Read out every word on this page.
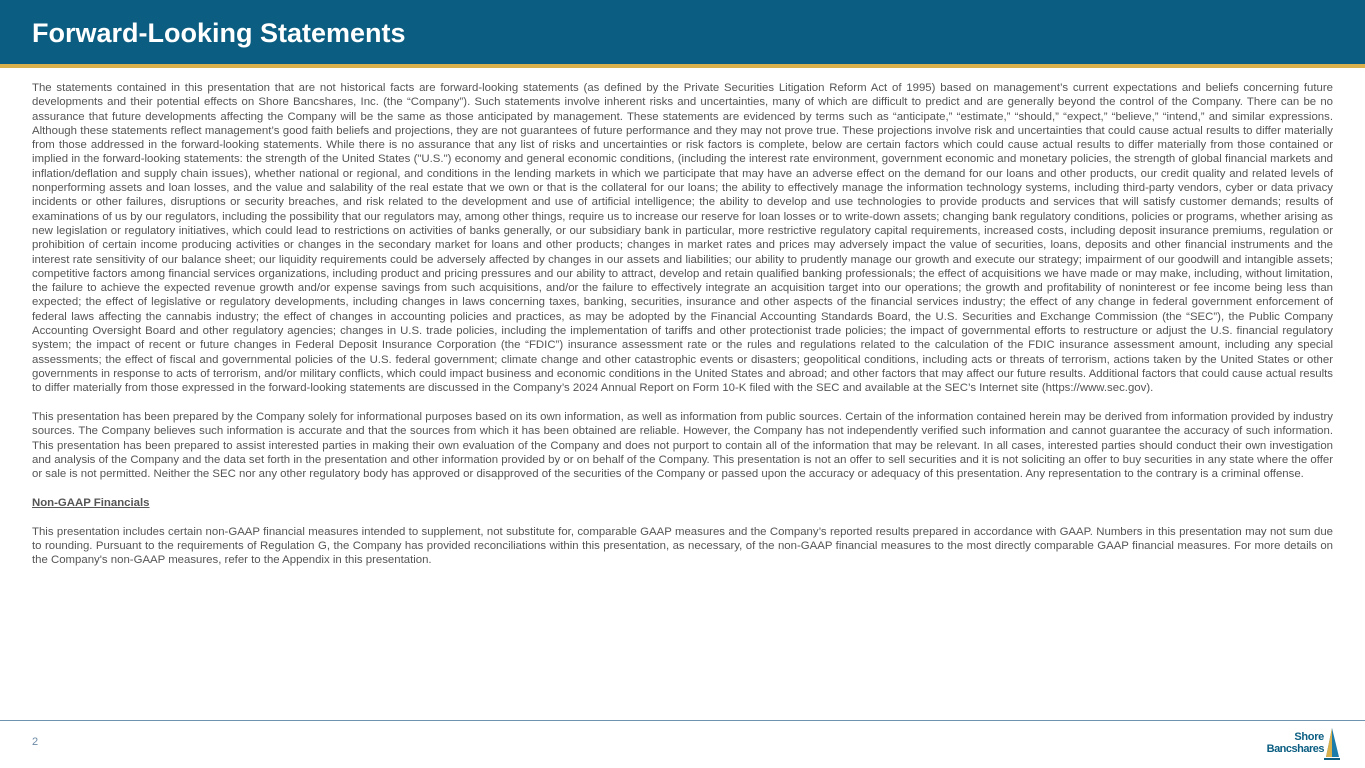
Forward-Looking Statements

The statements contained in this presentation that are not historical facts are forward-looking statements (as defined by the Private Securities Litigation Reform Act of 1995) based on management’s current expectations and beliefs concerning future developments and their potential effects on Shore Bancshares, Inc. (the “Company”). Such statements involve inherent risks and uncertainties, many of which are difficult to predict and are generally beyond the control of the Company. There can be no assurance that future developments affecting the Company will be the same as those anticipated by management. These statements are evidenced by terms such as “anticipate,” “estimate,” “should,” “expect,” “believe,” “intend,” and similar expressions. Although these statements reflect management’s good faith beliefs and projections, they are not guarantees of future performance and they may not prove true. These projections involve risk and uncertainties that could cause actual results to differ materially from those addressed in the forward-looking statements. While there is no assurance that any list of risks and uncertainties or risk factors is complete, below are certain factors which could cause actual results to differ materially from those contained or implied in the forward-looking statements: the strength of the United States ("U.S.") economy and general economic conditions, (including the interest rate environment, government economic and monetary policies, the strength of global financial markets and inflation/deflation and supply chain issues), whether national or regional, and conditions in the lending markets in which we participate that may have an adverse effect on the demand for our loans and other products, our credit quality and related levels of nonperforming assets and loan losses, and the value and salability of the real estate that we own or that is the collateral for our loans; the ability to effectively manage the information technology systems, including third-party vendors, cyber or data privacy incidents or other failures, disruptions or security breaches, and risk related to the development and use of artificial intelligence; the ability to develop and use technologies to provide products and services that will satisfy customer demands; results of examinations of us by our regulators, including the possibility that our regulators may, among other things, require us to increase our reserve for loan losses or to write-down assets; changing bank regulatory conditions, policies or programs, whether arising as new legislation or regulatory initiatives, which could lead to restrictions on activities of banks generally, or our subsidiary bank in particular, more restrictive regulatory capital requirements, increased costs, including deposit insurance premiums, regulation or prohibition of certain income producing activities or changes in the secondary market for loans and other products; changes in market rates and prices may adversely impact the value of securities, loans, deposits and other financial instruments and the interest rate sensitivity of our balance sheet; our liquidity requirements could be adversely affected by changes in our assets and liabilities; our ability to prudently manage our growth and execute our strategy; impairment of our goodwill and intangible assets; competitive factors among financial services organizations, including product and pricing pressures and our ability to attract, develop and retain qualified banking professionals; the effect of acquisitions we have made or may make, including, without limitation, the failure to achieve the expected revenue growth and/or expense savings from such acquisitions, and/or the failure to effectively integrate an acquisition target into our operations; the growth and profitability of noninterest or fee income being less than expected; the effect of legislative or regulatory developments, including changes in laws concerning taxes, banking, securities, insurance and other aspects of the financial services industry; the effect of any change in federal government enforcement of federal laws affecting the cannabis industry; the effect of changes in accounting policies and practices, as may be adopted by the Financial Accounting Standards Board, the U.S. Securities and Exchange Commission (the “SEC”), the Public Company Accounting Oversight Board and other regulatory agencies; changes in U.S. trade policies, including the implementation of tariffs and other protectionist trade policies; the impact of governmental efforts to restructure or adjust the U.S. financial regulatory system; the impact of recent or future changes in Federal Deposit Insurance Corporation (the “FDIC”) insurance assessment rate or the rules and regulations related to the calculation of the FDIC insurance assessment amount, including any special assessments; the effect of fiscal and governmental policies of the U.S. federal government; climate change and other catastrophic events or disasters; geopolitical conditions, including acts or threats of terrorism, actions taken by the United States or other governments in response to acts of terrorism, and/or military conflicts, which could impact business and economic conditions in the United States and abroad; and other factors that may affect our future results. Additional factors that could cause actual results to differ materially from those expressed in the forward-looking statements are discussed in the Company’s 2024 Annual Report on Form 10-K filed with the SEC and available at the SEC’s Internet site (https://www.sec.gov).

This presentation has been prepared by the Company solely for informational purposes based on its own information, as well as information from public sources. Certain of the information contained herein may be derived from information provided by industry sources. The Company believes such information is accurate and that the sources from which it has been obtained are reliable. However, the Company has not independently verified such information and cannot guarantee the accuracy of such information. This presentation has been prepared to assist interested parties in making their own evaluation of the Company and does not purport to contain all of the information that may be relevant. In all cases, interested parties should conduct their own investigation and analysis of the Company and the data set forth in the presentation and other information provided by or on behalf of the Company. This presentation is not an offer to sell securities and it is not soliciting an offer to buy securities in any state where the offer or sale is not permitted. Neither the SEC nor any other regulatory body has approved or disapproved of the securities of the Company or passed upon the accuracy or adequacy of this presentation. Any representation to the contrary is a criminal offense.

Non-GAAP Financials

This presentation includes certain non-GAAP financial measures intended to supplement, not substitute for, comparable GAAP measures and the Company’s reported results prepared in accordance with GAAP. Numbers in this presentation may not sum due to rounding. Pursuant to the requirements of Regulation G, the Company has provided reconciliations within this presentation, as necessary, of the non-GAAP financial measures to the most directly comparable GAAP financial measures. For more details on the Company's non-GAAP measures, refer to the Appendix in this presentation.

2	Shore
Bancshares
